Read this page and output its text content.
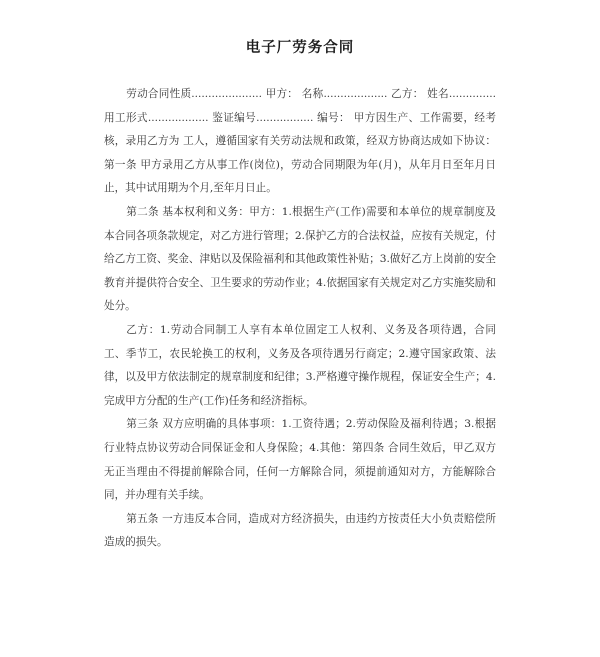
电子厂劳务合同

劳动合同性质..................... 甲方： 名称................... 乙方： 姓名.............. 用工形式.................. 鉴证编号................. 编号： 甲方因生产、工作需要，经考核，录用乙方为 工人，遵循国家有关劳动法规和政策，经双方协商达成如下协议：第一条 甲方录用乙方从事工作(岗位)，劳动合同期限为年(月)，从年月日至年月日止，其中试用期为个月,至年月日止。

第二条 基本权利和义务：甲方：1.根据生产(工作)需要和本单位的规章制度及本合同各项条款规定，对乙方进行管理；2.保护乙方的合法权益，应按有关规定，付给乙方工资、奖金、津贴以及保险福利和其他政策性补贴；3.做好乙方上岗前的安全教育并提供符合安全、卫生要求的劳动作业；4.依据国家有关规定对乙方实施奖励和处分。

乙方：1.劳动合同制工人享有本单位固定工人权利、义务及各项待遇，合同工、季节工，农民轮换工的权利，义务及各项待遇另行商定；2.遵守国家政策、法律，以及甲方依法制定的规章制度和纪律；3.严格遵守操作规程，保证安全生产；4.完成甲方分配的生产(工作)任务和经济指标。

第三条 双方应明确的具体事项：1.工资待遇；2.劳动保险及福利待遇；3.根据行业特点协议劳动合同保证金和人身保险；4.其他：第四条 合同生效后，甲乙双方无正当理由不得提前解除合同，任何一方解除合同，须提前通知对方，方能解除合同，并办理有关手续。

第五条 一方违反本合同，造成对方经济损失，由违约方按责任大小负责赔偿所造成的损失。
